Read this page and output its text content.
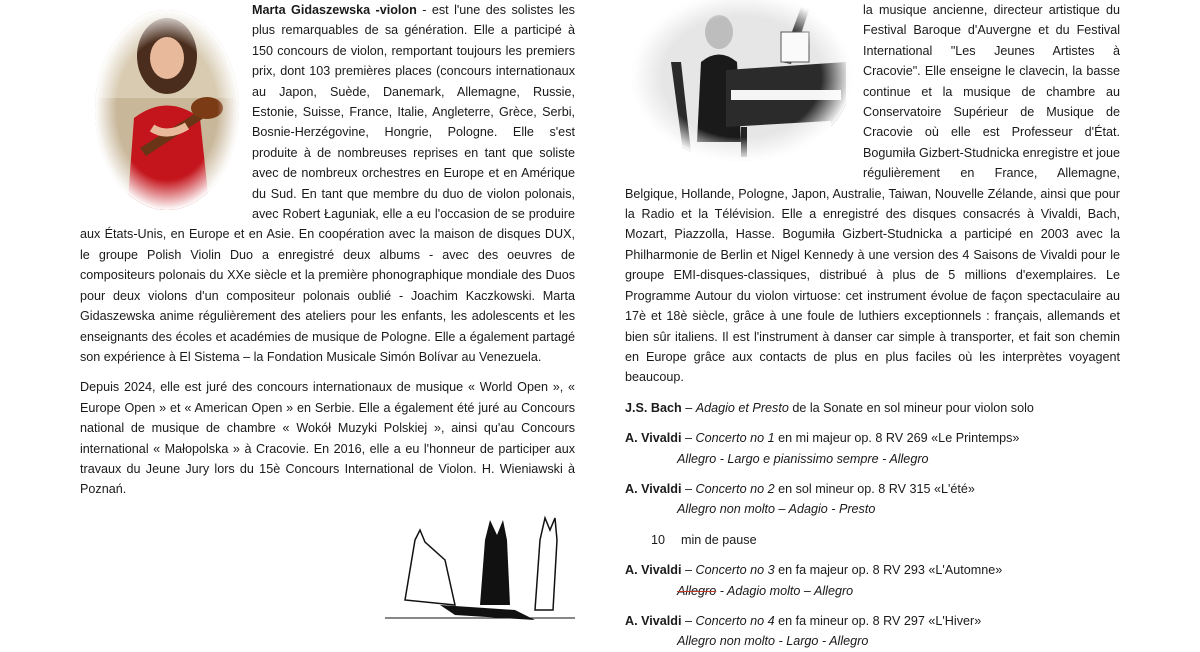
Marta Gidaszewska -violon - est l'une des solistes les plus remarquables de sa génération. Elle a participé à 150 concours de violon, remportant toujours les premiers prix, dont 103 premières places (concours internationaux au Japon, Suède, Danemark, Allemagne, Russie, Estonie, Suisse, France, Italie, Angleterre, Grèce, Serbi, Bosnie-Herzégovine, Hongrie, Pologne. Elle s'est produite à de nombreuses reprises en tant que soliste avec de nombreux orchestres en Europe et en Amérique du Sud. En tant que membre du duo de violon polonais, avec Robert Łaguniak, elle a eu l'occasion de se produire aux États-Unis, en Europe et en Asie. En coopération avec la maison de disques DUX, le groupe Polish Violin Duo a enregistré deux albums - avec des oeuvres de compositeurs polonais du XXe siècle et la première phonographique mondiale des Duos pour deux violons d'un compositeur polonais oublié - Joachim Kaczkowski. Marta Gidaszewska anime régulièrement des ateliers pour les enfants, les adolescents et les enseignants des écoles et académies de musique de Pologne. Elle a également partagé son expérience à El Sistema – la Fondation Musicale Simón Bolívar au Venezuela.

Depuis 2024, elle est juré des concours internationaux de musique « World Open », « Europe Open » et « American Open » en Serbie. Elle a également été juré au Concours national de musique de chambre « Wokół Muzyki Polskiej », ainsi qu'au Concours international « Małopolska » à Cracovie. En 2016, elle a eu l'honneur de participer aux travaux du Jeune Jury lors du 15è Concours International de Violon. H. Wieniawski à Poznań.

la musique ancienne, directeur artistique du Festival Baroque d'Auvergne et du Festival International "Les Jeunes Artistes à Cracovie". Elle enseigne le clavecin, la basse continue et la musique de chambre au Conservatoire Supérieur de Musique de Cracovie où elle est Professeur d'État. Bogumiła Gizbert-Studnicka enregistre et joue régulièrement en France, Allemagne, Belgique, Hollande, Pologne, Japon, Australie, Taiwan, Nouvelle Zélande, ainsi que pour la Radio et la Télévision. Elle a enregistré des disques consacrés à Vivaldi, Bach, Mozart, Piazzolla, Hasse. Bogumiła Gizbert-Studnicka a participé en 2003 avec la Philharmonie de Berlin et Nigel Kennedy à une version des 4 Saisons de Vivaldi pour le groupe EMI-disques-classiques, distribué à plus de 5 millions d'exemplaires. Le Programme Autour du violon virtuose: cet instrument évolue de façon spectaculaire au 17è et 18è siècle, grâce à une foule de luthiers exceptionnels : français, allemands et bien sûr italiens. Il est l'instrument à danser car simple à transporter, et fait son chemin en Europe grâce aux contacts de plus en plus faciles où les interprètes voyagent beaucoup.

J.S. Bach – Adagio et Presto de la Sonate en sol mineur pour violon solo

A. Vivaldi – Concerto no 1 en mi majeur op. 8 RV 269 «Le Printemps»

Allegro - Largo e pianissimo sempre - Allegro

A. Vivaldi – Concerto no 2 en sol mineur op. 8 RV 315 «L'été»

Allegro non molto – Adagio - Presto

10 min de pause

A. Vivaldi – Concerto no 3 en fa majeur op. 8 RV 293 «L'Automne»

Allegro - Adagio molto – Allegro

A. Vivaldi – Concerto no 4 en fa mineur op. 8 RV 297 «L'Hiver»

Allegro non molto - Largo - Allegro
